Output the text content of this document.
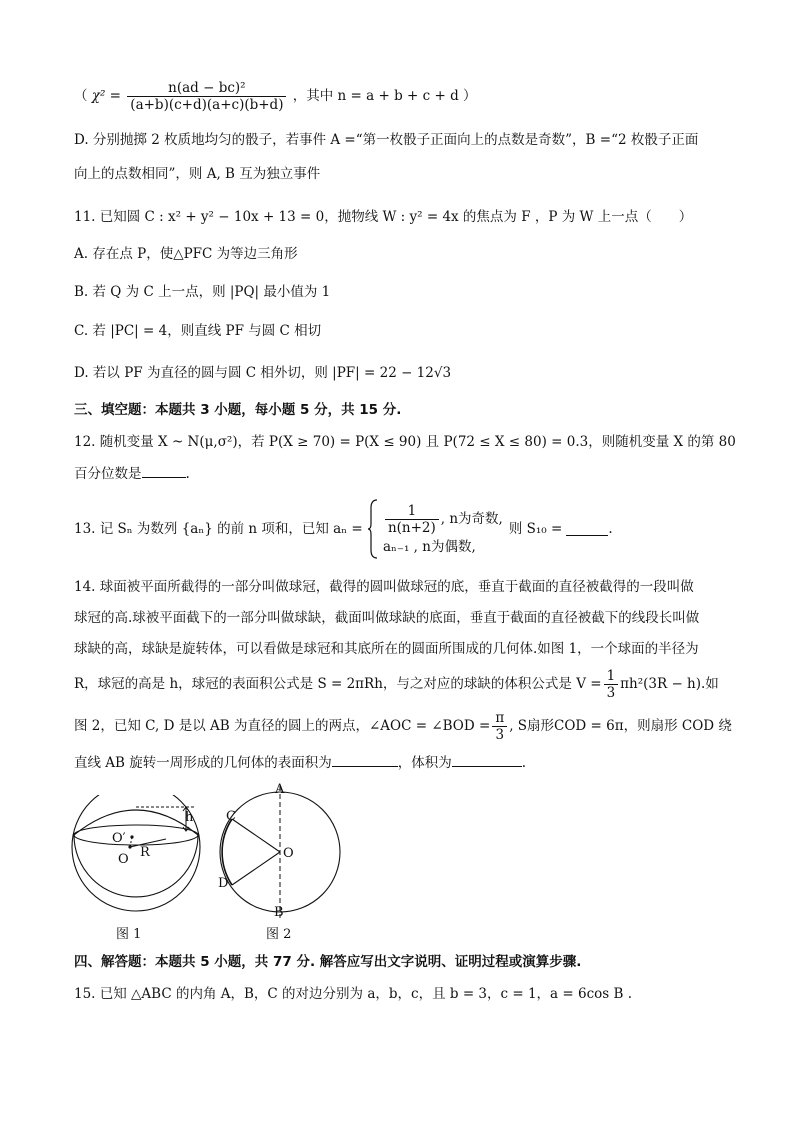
（ $\chi^2 = \frac{\text{n(ad − bc)²}}{(a+b)(c+d)(a+c)(b+d)}$ ，其中 n = a + b + c + d ）
D. 分别抛掷 2 枚质地均匀的骰子，若事件 A =“第一枚骰子正面向上的点数是奇数”，B =“2 枚骰子正面
向上的点数相同”，则 A, B 互为独立事件
11. 已知圆 C : x² + y² − 10x + 13 = 0，抛物线 W : y² = 4x 的焦点为 F ，P 为 W 上一点（　　）
A. 存在点 P，使△PFC 为等边三角形
B. 若 Q 为 C 上一点，则 |PQ| 最小值为 1
C. 若 |PC| = 4，则直线 PF 与圆 C 相切
D. 若以 PF 为直径的圆与圆 C 相外切，则 |PF| = 22 − 12√3
三、填空题：本题共 3 小题，每小题 5 分，共 15 分.
12. 随机变量 X ~ N(μ,σ²)，若 P(X ≥ 70) = P(X ≤ 90) 且 P(72 ≤ X ≤ 80) = 0.3，则随机变量 X 的第 80
百分位数是	.
13. 记 Sₙ 为数列 {aₙ} 的前 n 项和，已知 aₙ =
$\frac{1}{n(n+2)}$ , n为奇数,
aₙ₋₁ , n为偶数,
则 S₁₀ =	.
14. 球面被平面所截得的一部分叫做球冠，截得的圆叫做球冠的底，垂直于截面的直径被截得的一段叫做
球冠的高.球被平面截下的一部分叫做球缺，截面叫做球缺的底面，垂直于截面的直径被截下的线段长叫做
球缺的高，球缺是旋转体，可以看做是球冠和其底所在的圆面所围成的几何体.如图 1，一个球面的半径为
R，球冠的高是 h，球冠的表面积公式是 S = 2πRh，与之对应的球缺的体积公式是 $V = \frac{1}{3} \pi h^2(3R - h)$.如
图 2，已知 C, D 是以 AB 为直径的圆上的两点，∠AOC = ∠BOD = $\frac{\pi}{3}$ , S扇形COD = 6π，则扇形 COD 绕
直线 AB 旋转一周形成的几何体的表面积为	，体积为	.
h
O′
R
O
图 1
A
C
O
D
B
图 2
四、解答题：本题共 5 小题，共 77 分. 解答应写出文字说明、证明过程或演算步骤.
15. 已知 △ABC 的内角 A，B，C 的对边分别为 a，b，c，且 b = 3，c = 1，a = 6cos B .
